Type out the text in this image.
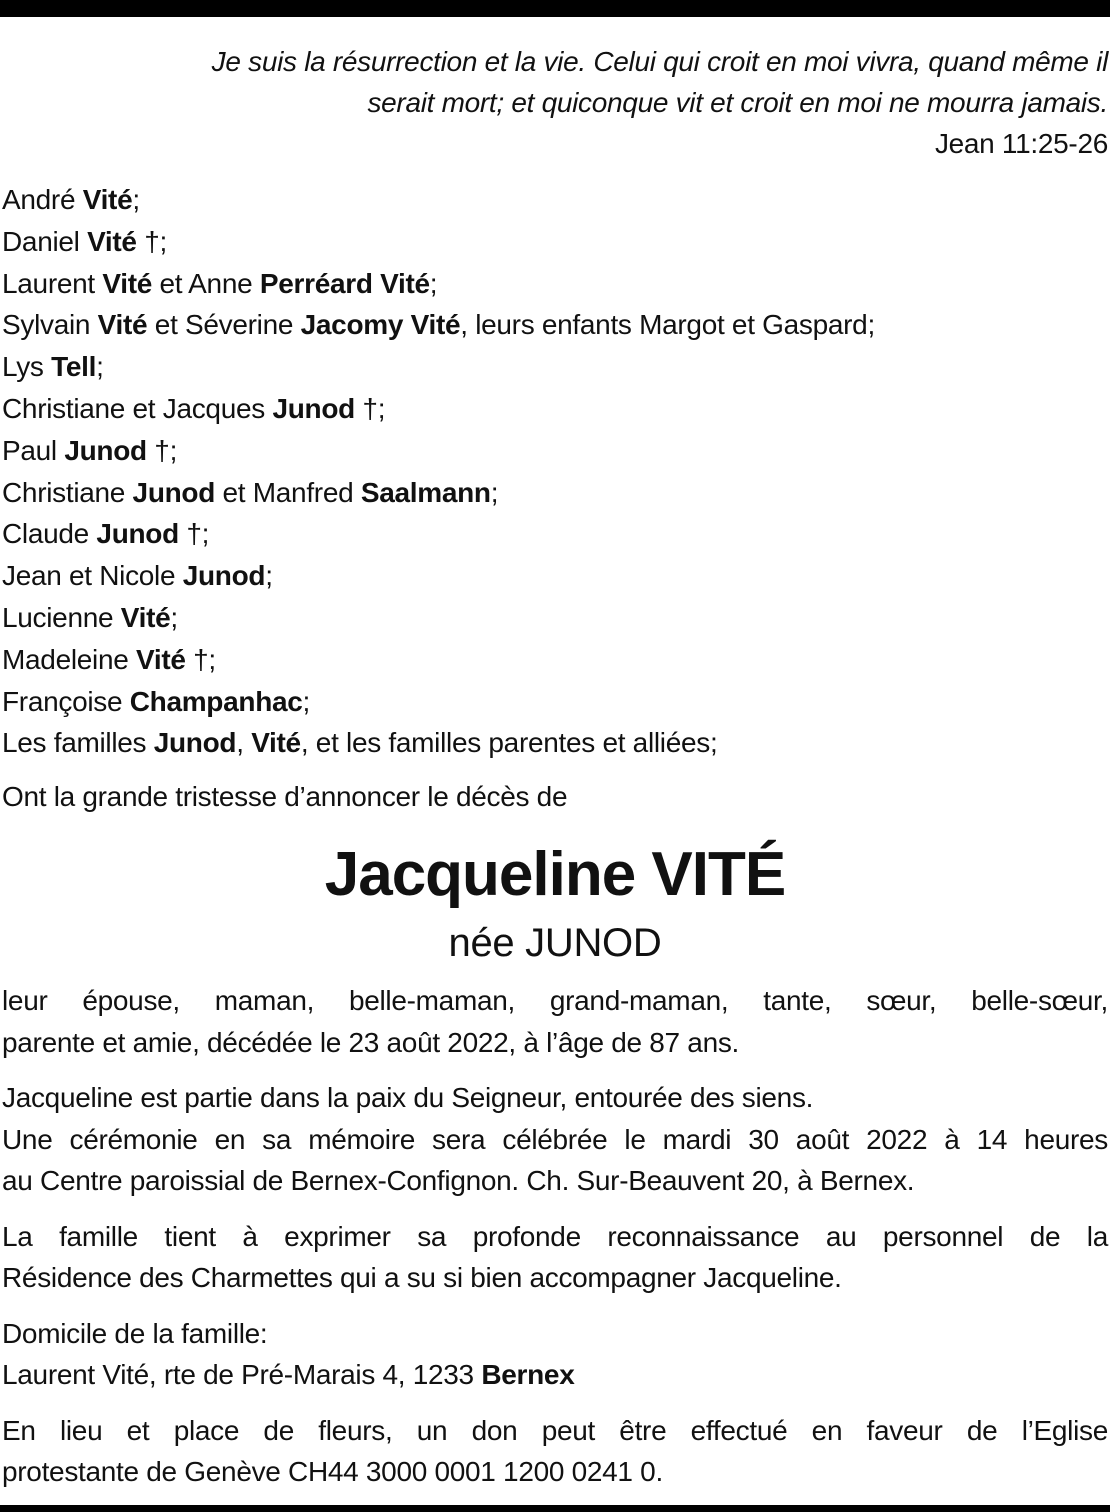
Je suis la résurrection et la vie. Celui qui croit en moi vivra, quand même il
serait mort; et quiconque vit et croit en moi ne mourra jamais.
Jean 11:25-26
André Vité;
Daniel Vité †;
Laurent Vité et Anne Perréard Vité;
Sylvain Vité et Séverine Jacomy Vité, leurs enfants Margot et Gaspard;
Lys Tell;
Christiane et Jacques Junod †;
Paul Junod †;
Christiane Junod et Manfred Saalmann;
Claude Junod †;
Jean et Nicole Junod;
Lucienne Vité;
Madeleine Vité †;
Françoise Champanhac;
Les familles Junod, Vité, et les familles parentes et alliées;
Ont la grande tristesse d’annoncer le décès de
Jacqueline VITÉ
née JUNOD
leur épouse, maman, belle-maman, grand-maman, tante, sœur, belle-sœur,
parente et amie, décédée le 23 août 2022, à l’âge de 87 ans.
Jacqueline est partie dans la paix du Seigneur, entourée des siens.
Une cérémonie en sa mémoire sera célébrée le mardi 30 août 2022 à 14 heures
au Centre paroissial de Bernex-Confignon. Ch. Sur-Beauvent 20, à Bernex.
La famille tient à exprimer sa profonde reconnaissance au personnel de la
Résidence des Charmettes qui a su si bien accompagner Jacqueline.
Domicile de la famille:
Laurent Vité, rte de Pré-Marais 4, 1233 Bernex
En lieu et place de fleurs, un don peut être effectué en faveur de l’Eglise
protestante de Genève CH44 3000 0001 1200 0241 0.
